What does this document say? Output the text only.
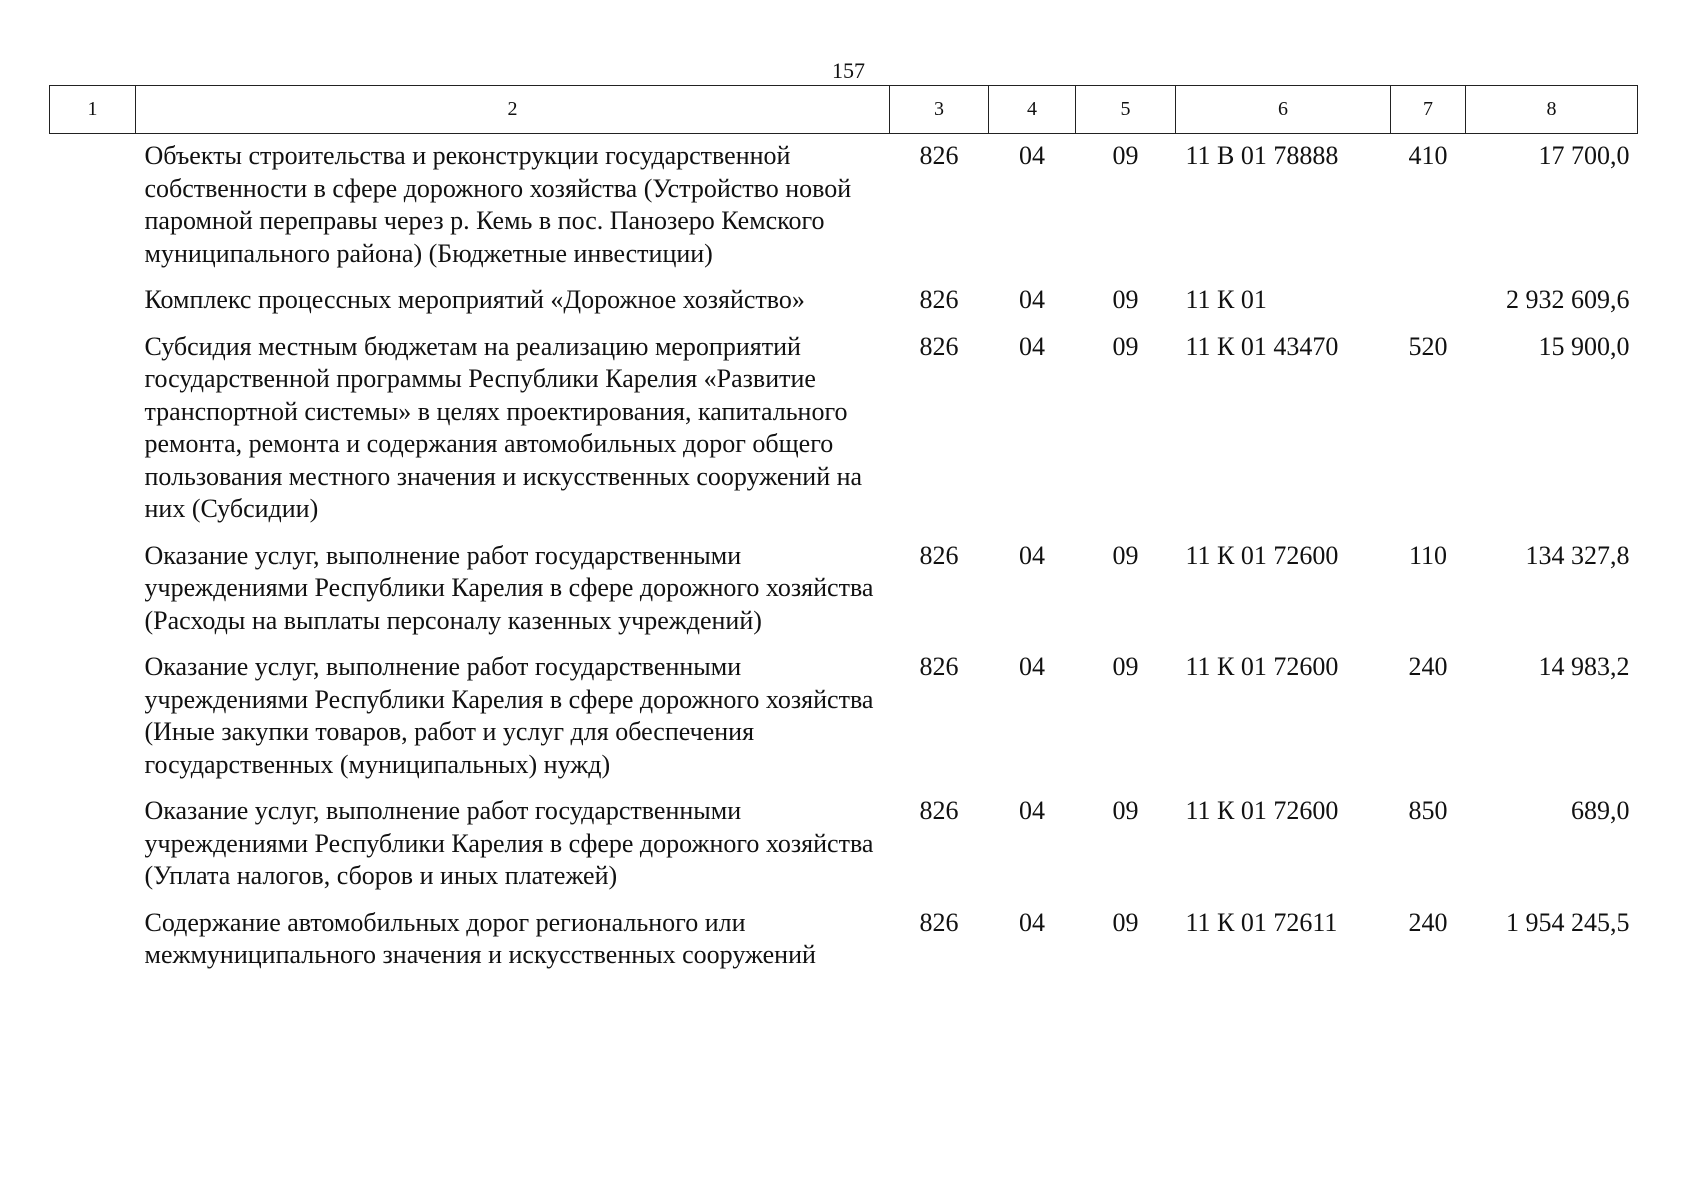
157
1	2	3	4	5	6	7	8
	Объекты строительства и реконструкции государственной собственности в сфере дорожного хозяйства (Устройство новой паромной переправы через р. Кемь в пос. Панозеро Кемского муниципального района) (Бюджетные инвестиции)	826	04	09	11 В 01 78888	410	17 700,0
	Комплекс процессных мероприятий «Дорожное хозяйство»	826	04	09	11 К 01		2 932 609,6
	Субсидия местным бюджетам на реализацию мероприятий государственной программы Республики Карелия «Развитие транспортной системы» в целях проектирования, капитального ремонта, ремонта и содержания автомобильных дорог общего пользования местного значения и искусственных сооружений на них (Субсидии)	826	04	09	11 К 01 43470	520	15 900,0
	Оказание услуг, выполнение работ государственными учреждениями Республики Карелия в сфере дорожного хозяйства (Расходы на выплаты персоналу казенных учреждений)	826	04	09	11 К 01 72600	110	134 327,8
	Оказание услуг, выполнение работ государственными учреждениями Республики Карелия в сфере дорожного хозяйства (Иные закупки товаров, работ и услуг для обеспечения государственных (муниципальных) нужд)	826	04	09	11 К 01 72600	240	14 983,2
	Оказание услуг, выполнение работ государственными учреждениями Республики Карелия в сфере дорожного хозяйства (Уплата налогов, сборов и иных платежей)	826	04	09	11 К 01 72600	850	689,0
	Содержание автомобильных дорог регионального или межмуниципального значения и искусственных сооружений	826	04	09	11 К 01 72611	240	1 954 245,5
